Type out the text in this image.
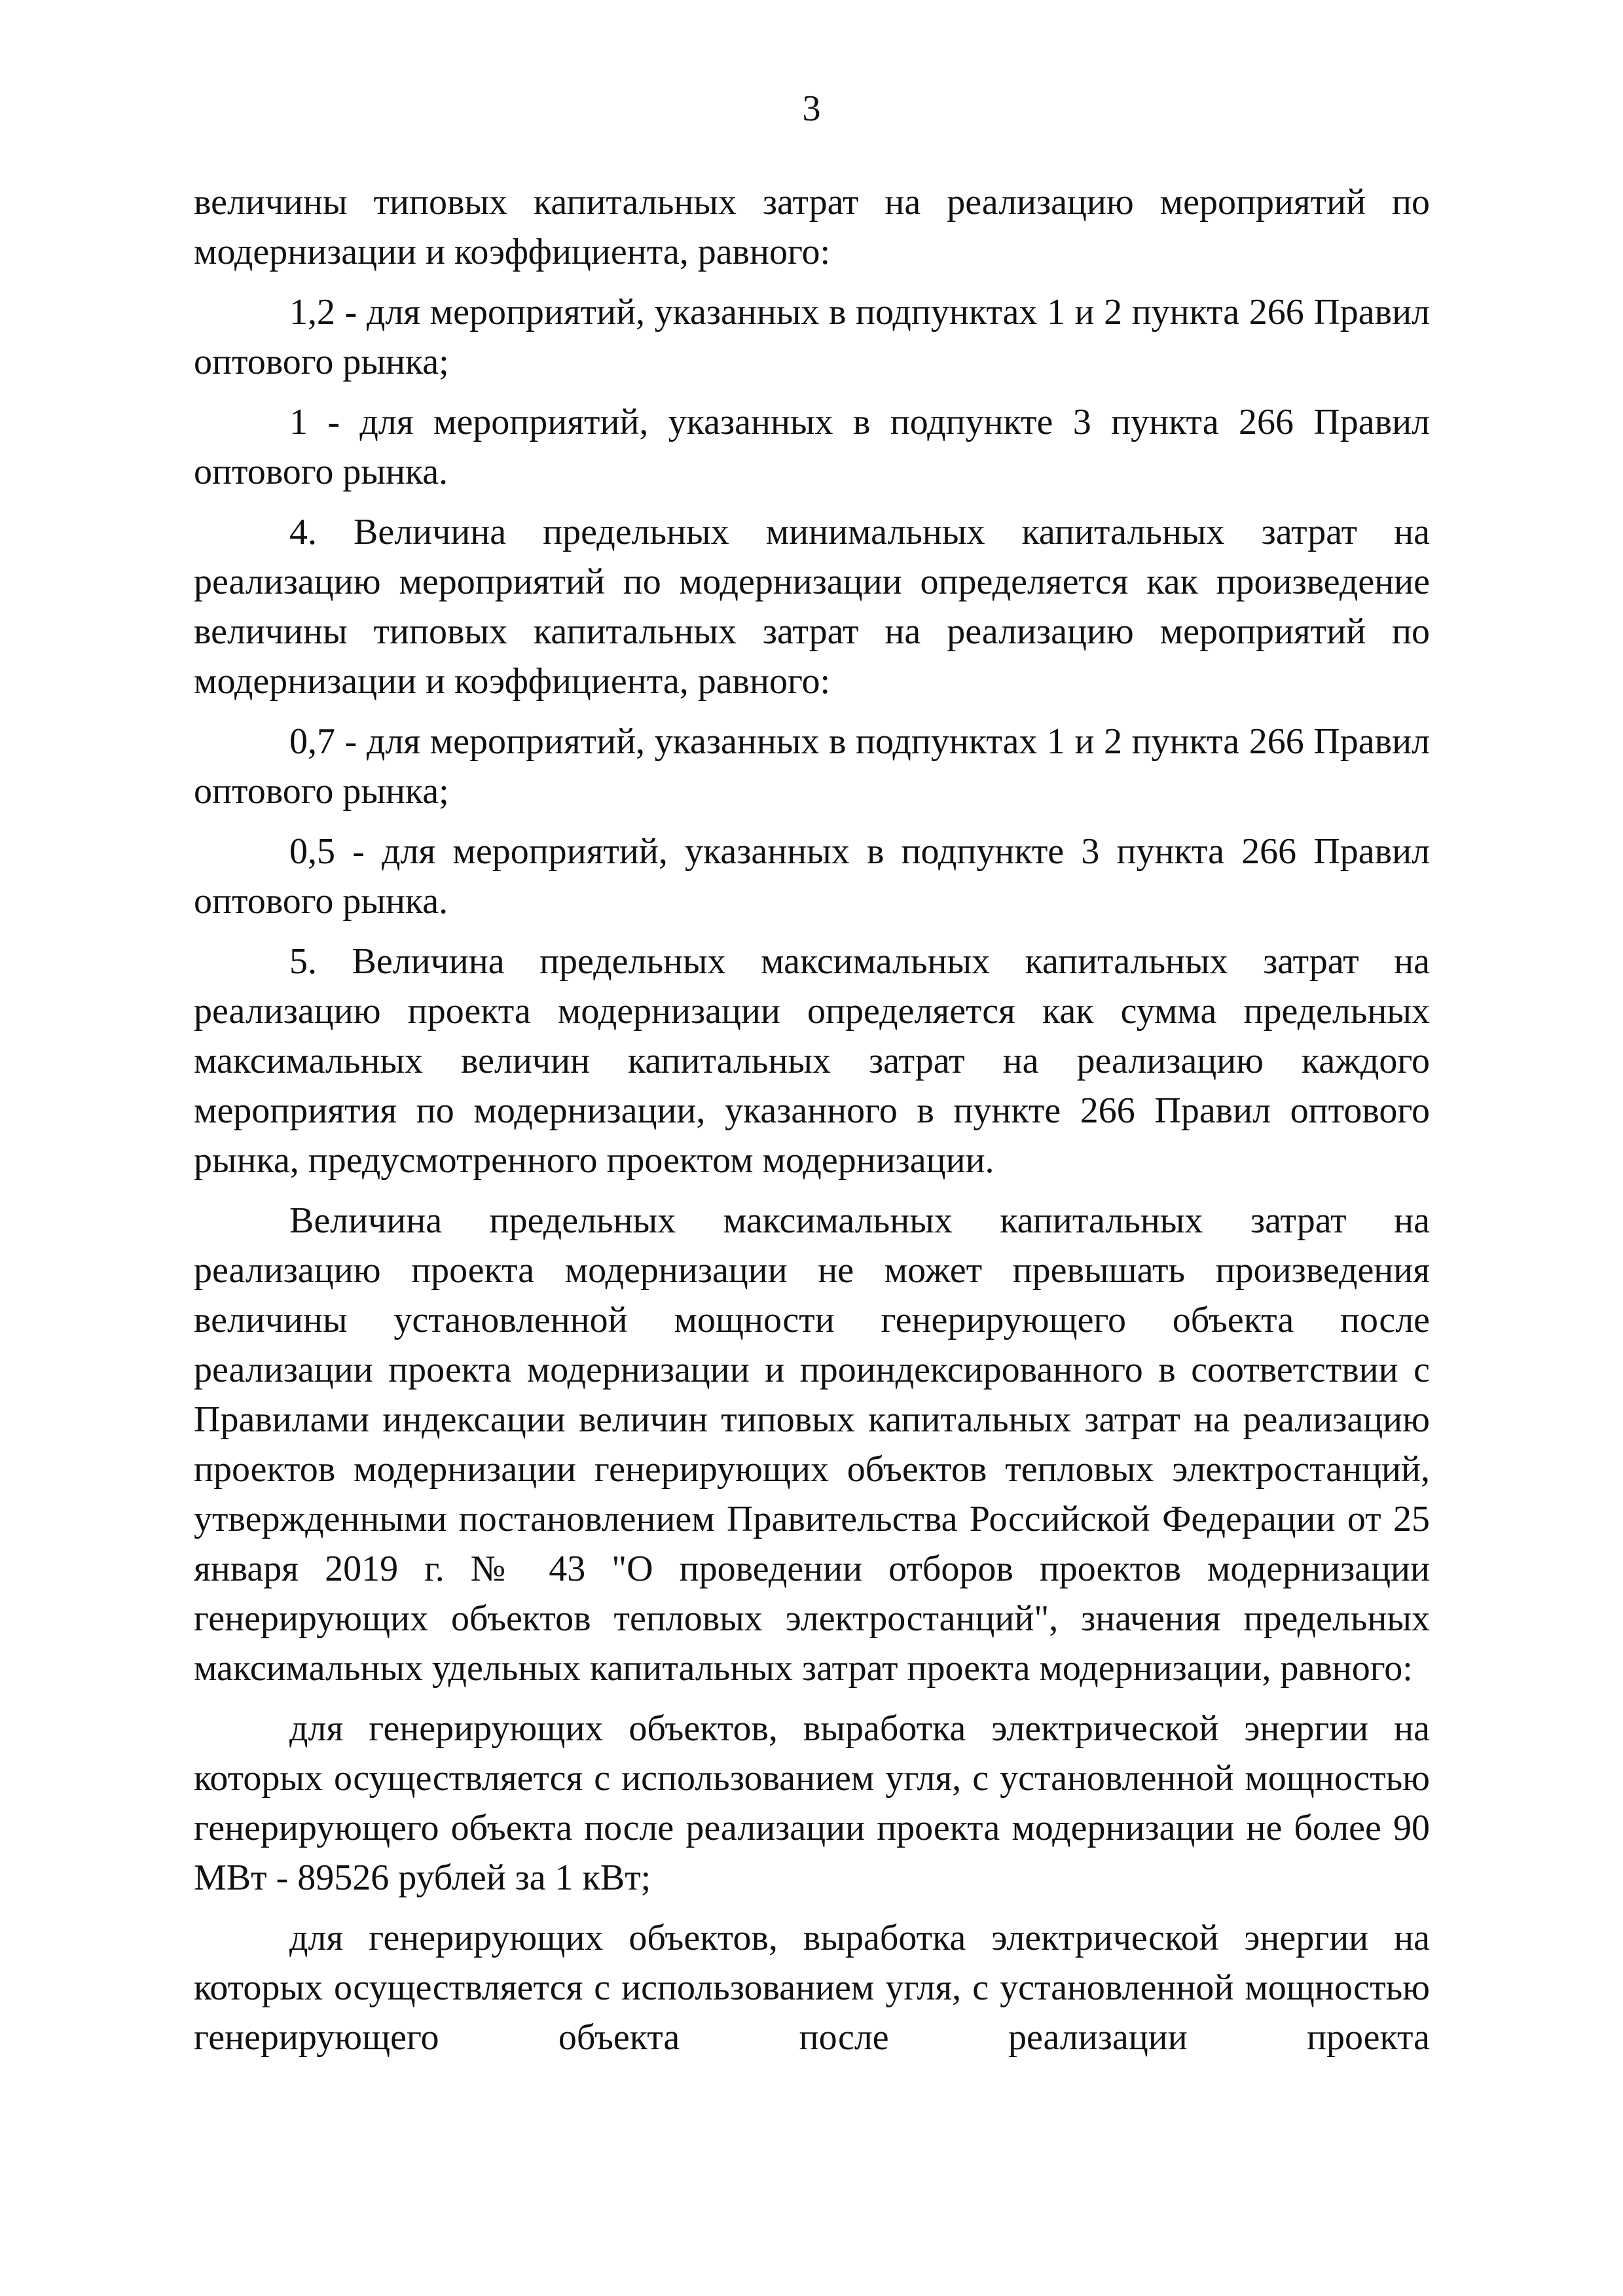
3

величины типовых капитальных затрат на реализацию мероприятий по модернизации и коэффициента, равного:

1,2 - для мероприятий, указанных в подпунктах 1 и 2 пункта 266 Правил оптового рынка;

1 - для мероприятий, указанных в подпункте 3 пункта 266 Правил оптового рынка.

4. Величина предельных минимальных капитальных затрат на реализацию мероприятий по модернизации определяется как произведение величины типовых капитальных затрат на реализацию мероприятий по модернизации и коэффициента, равного:

0,7 - для мероприятий, указанных в подпунктах 1 и 2 пункта 266 Правил оптового рынка;

0,5 - для мероприятий, указанных в подпункте 3 пункта 266 Правил оптового рынка.

5. Величина предельных максимальных капитальных затрат на реализацию проекта модернизации определяется как сумма предельных максимальных величин капитальных затрат на реализацию каждого мероприятия по модернизации, указанного в пункте 266 Правил оптового рынка, предусмотренного проектом модернизации.

Величина предельных максимальных капитальных затрат на реализацию проекта модернизации не может превышать произведения величины установленной мощности генерирующего объекта после реализации проекта модернизации и проиндексированного в соответствии с Правилами индексации величин типовых капитальных затрат на реализацию проектов модернизации генерирующих объектов тепловых электростанций, утвержденными постановлением Правительства Российской Федерации от 25 января 2019 г. № 43 "О проведении отборов проектов модернизации генерирующих объектов тепловых электростанций", значения предельных максимальных удельных капитальных затрат проекта модернизации, равного:

для генерирующих объектов, выработка электрической энергии на которых осуществляется с использованием угля, с установленной мощностью генерирующего объекта после реализации проекта модернизации не более 90 МВт - 89526 рублей за 1 кВт;

для генерирующих объектов, выработка электрической энергии на которых осуществляется с использованием угля, с установленной мощностью генерирующего объекта после реализации проекта
